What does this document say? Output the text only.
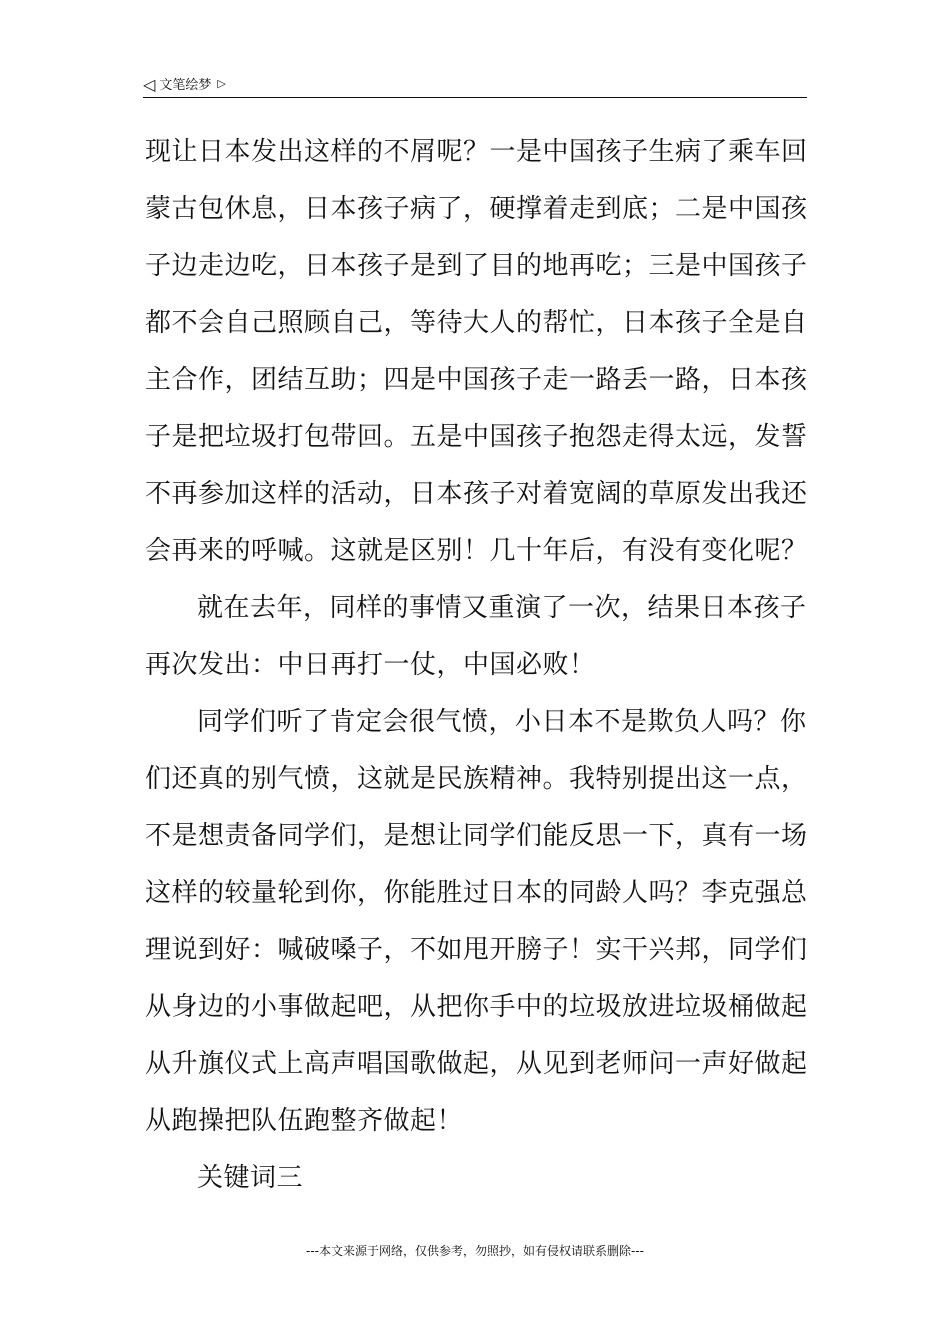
◁ 文笔绘梦 ▷

现让日本发出这样的不屑呢？一是中国孩子生病了乘车回
蒙古包休息，日本孩子病了，硬撑着走到底；二是中国孩
子边走边吃，日本孩子是到了目的地再吃；三是中国孩子
都不会自己照顾自己，等待大人的帮忙，日本孩子全是自
主合作，团结互助；四是中国孩子走一路丢一路，日本孩
子是把垃圾打包带回。五是中国孩子抱怨走得太远，发誓
不再参加这样的活动，日本孩子对着宽阔的草原发出我还
会再来的呼喊。这就是区别！几十年后，有没有变化呢？

就在去年，同样的事情又重演了一次，结果日本孩子
再次发出：中日再打一仗，中国必败！

同学们听了肯定会很气愤，小日本不是欺负人吗？你
们还真的别气愤，这就是民族精神。我特别提出这一点，
不是想责备同学们，是想让同学们能反思一下，真有一场
这样的较量轮到你，你能胜过日本的同龄人吗？李克强总
理说到好：喊破嗓子，不如甩开膀子！实干兴邦，同学们
从身边的小事做起吧，从把你手中的垃圾放进垃圾桶做起
从升旗仪式上高声唱国歌做起，从见到老师问一声好做起
从跑操把队伍跑整齐做起！

关键词三

---本文来源于网络，仅供参考，勿照抄，如有侵权请联系删除---
